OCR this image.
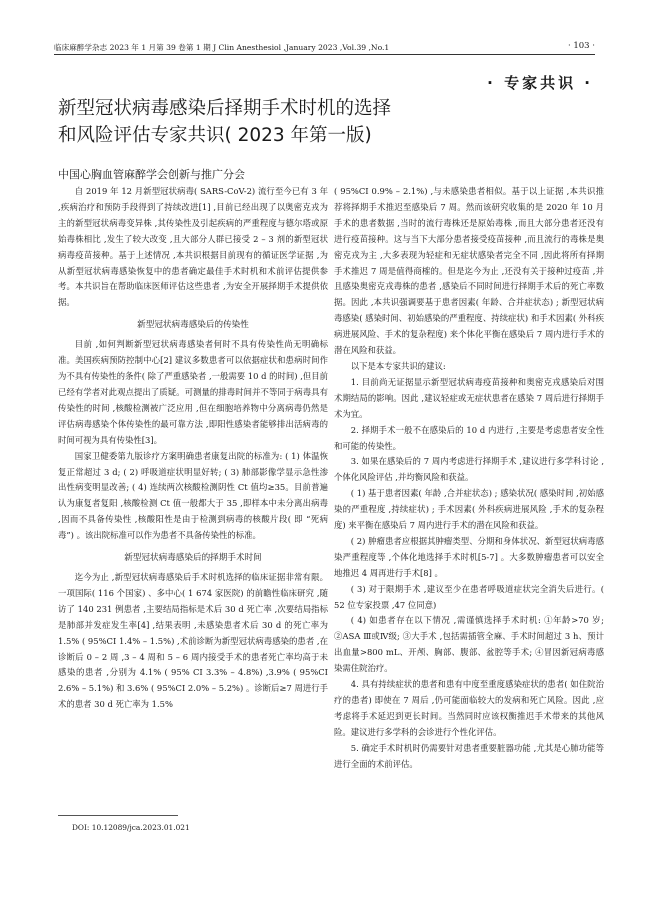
临床麻醉学杂志 2023 年 1 月第 39 卷第 1 期 J Clin Anesthesiol ,January 2023 ,Vol.39 ,No.1	· 103 ·
· 专家共识 ·
新型冠状病毒感染后择期手术时机的选择
和风险评估专家共识( 2023 年第一版)
中国心胸血管麻醉学会创新与推广分会

自 2019 年 12 月新型冠状病毒( SARS-CoV-2) 流行至今已有 3 年 ,疾病治疗和预防手段得到了持续改进[1] ,目前已经出现了以奥密克戎为主的新型冠状病毒变异株 ,其传染性及引起疾病的严重程度与德尔塔或原始毒株相比 ,发生了较大改变 ,且大部分人群已接受 2 – 3 剂的新型冠状病毒疫苗接种。基于上述情况 ,本共识根据目前现有的循证医学证据 ,为从新型冠状病毒感染恢复中的患者确定最佳手术时机和术前评估提供参考。本共识旨在帮助临床医师评估这些患者 ,为安全开展择期手术提供依据。

新型冠状病毒感染后的传染性

目前 ,如何判断新型冠状病毒感染者何时不具有传染性尚无明确标准。美国疾病预防控制中心[2] 建议多数患者可以依据症状和患病时间作为不具有传染性的条件( 除了严重感染者 ,一般需要 10 d 的时间) ,但目前已经有学者对此观点提出了质疑。可测量的排毒时间并不等同于病毒具有传染性的时间 ,核酸检测被广泛应用 ,但在细胞培养物中分离病毒仍然是评估病毒感染个体传染性的最可靠方法 ,即阳性感染者能够排出活病毒的时间可视为具有传染性[3]。

国家卫健委第九版诊疗方案明确患者康复出院的标准为: ( 1) 体温恢复正常超过 3 d; ( 2) 呼吸道症状明显好转; ( 3) 肺部影像学显示急性渗出性病变明显改善; ( 4) 连续两次核酸检测阴性 Ct 值均≥35。目前普遍认为康复者复阳 ,核酸检测 Ct 值一般都大于 35 ,即样本中未分离出病毒 ,因而不具备传染性 ,核酸阳性是由于检测到病毒的核酸片段( 即 “死病毒”) 。该出院标准可以作为患者不具备传染性的标准。

新型冠状病毒感染后的择期手术时间

迄今为止 ,新型冠状病毒感染后手术时机选择的临床证据非常有限。一项国际( 116 个国家) 、多中心( 1 674 家医院) 的前瞻性临床研究 ,随访了 140 231 例患者 ,主要结局指标是术后 30 d 死亡率 ,次要结局指标是肺部并发症发生率[4] ,结果表明 ,未感染患者术后 30 d 的死亡率为 1.5% ( 95%CI 1.4% – 1.5%) ,术前诊断为新型冠状病毒感染的患者 ,在诊断后 0 – 2 周 ,3 – 4 周和 5 – 6 周内接受手术的患者死亡率均高于未感染的患者 ,分别为 4.1% ( 95% CI 3.3% – 4.8%) ,3.9% ( 95%CI 2.6% – 5.1%) 和 3.6% ( 95%CI 2.0% – 5.2%) 。诊断后≥7 周进行手术的患者 30 d 死亡率为 1.5%

( 95%CI 0.9% – 2.1%) ,与未感染患者相似。基于以上证据 ,本共识推荐将择期手术推迟至感染后 7 周。然而该研究收集的是 2020 年 10 月手术的患者数据 ,当时的流行毒株还是原始毒株 ,而且大部分患者还没有进行疫苗接种。这与当下大部分患者接受疫苗接种 ,而且流行的毒株是奥密克戎为主 ,大多表现为轻症和无症状感染者完全不同 ,因此将所有择期手术推迟 7 周是值得商榷的。但是迄今为止 ,还没有关于接种过疫苗 ,并且感染奥密克戎毒株的患者 ,感染后不同时间进行择期手术后的死亡率数据。因此 ,本共识强调要基于患者因素( 年龄、合并症状态) ; 新型冠状病毒感染( 感染时间、初始感染的严重程度、持续症状) 和手术因素( 外科疾病进展风险、手术的复杂程度) 来个体化平衡在感染后 7 周内进行手术的潜在风险和获益。

以下是本专家共识的建议:

1. 目前尚无证据显示新型冠状病毒疫苗接种和奥密克戎感染后对围术期结局的影响。因此 ,建议轻症或无症状患者在感染 7 周后进行择期手术为宜。

2. 择期手术一般不在感染后的 10 d 内进行 ,主要是考虑患者安全性和可能的传染性。

3. 如果在感染后的 7 周内考虑进行择期手术 ,建议进行多学科讨论 ,个体化风险评估 ,并均衡风险和获益。

( 1) 基于患者因素( 年龄 ,合并症状态) ; 感染状况( 感染时间 ,初始感染的严重程度 ,持续症状) ; 手术因素( 外科疾病进展风险 ,手术的复杂程度) 来平衡在感染后 7 周内进行手术的潜在风险和获益。

( 2) 肿瘤患者应根据其肿瘤类型、分期和身体状况、新型冠状病毒感染严重程度等 ,个体化地选择手术时机[5-7] 。大多数肿瘤患者可以安全地推迟 4 周再进行手术[8] 。

( 3) 对于限期手术 ,建议至少在患者呼吸道症状完全消失后进行。( 52 位专家投票 ,47 位同意)

( 4) 如患者存在以下情况 ,需谨慎选择手术时机: ①年龄>70 岁; ②ASA Ⅲ或Ⅳ级; ③大手术 ,包括需插管全麻、手术时间超过 3 h、预计出血量>800 mL、开颅、胸部、腹部、盆腔等手术; ④冒因新冠病毒感染需住院治疗。

4. 具有持续症状的患者和患有中度至重度感染症状的患者( 如住院治疗的患者) 即使在 7 周后 ,仍可能面临较大的发病和死亡风险。因此 ,应考虑将手术延迟到更长时间。当然同时应该权衡推迟手术带来的其他风险。建议进行多学科的会诊进行个性化评估。

5. 确定手术时机时仍需要针对患者重要脏器功能 ,尤其是心肺功能等进行全面的术前评估。

DOI: 10.12089/jca.2023.01.021
